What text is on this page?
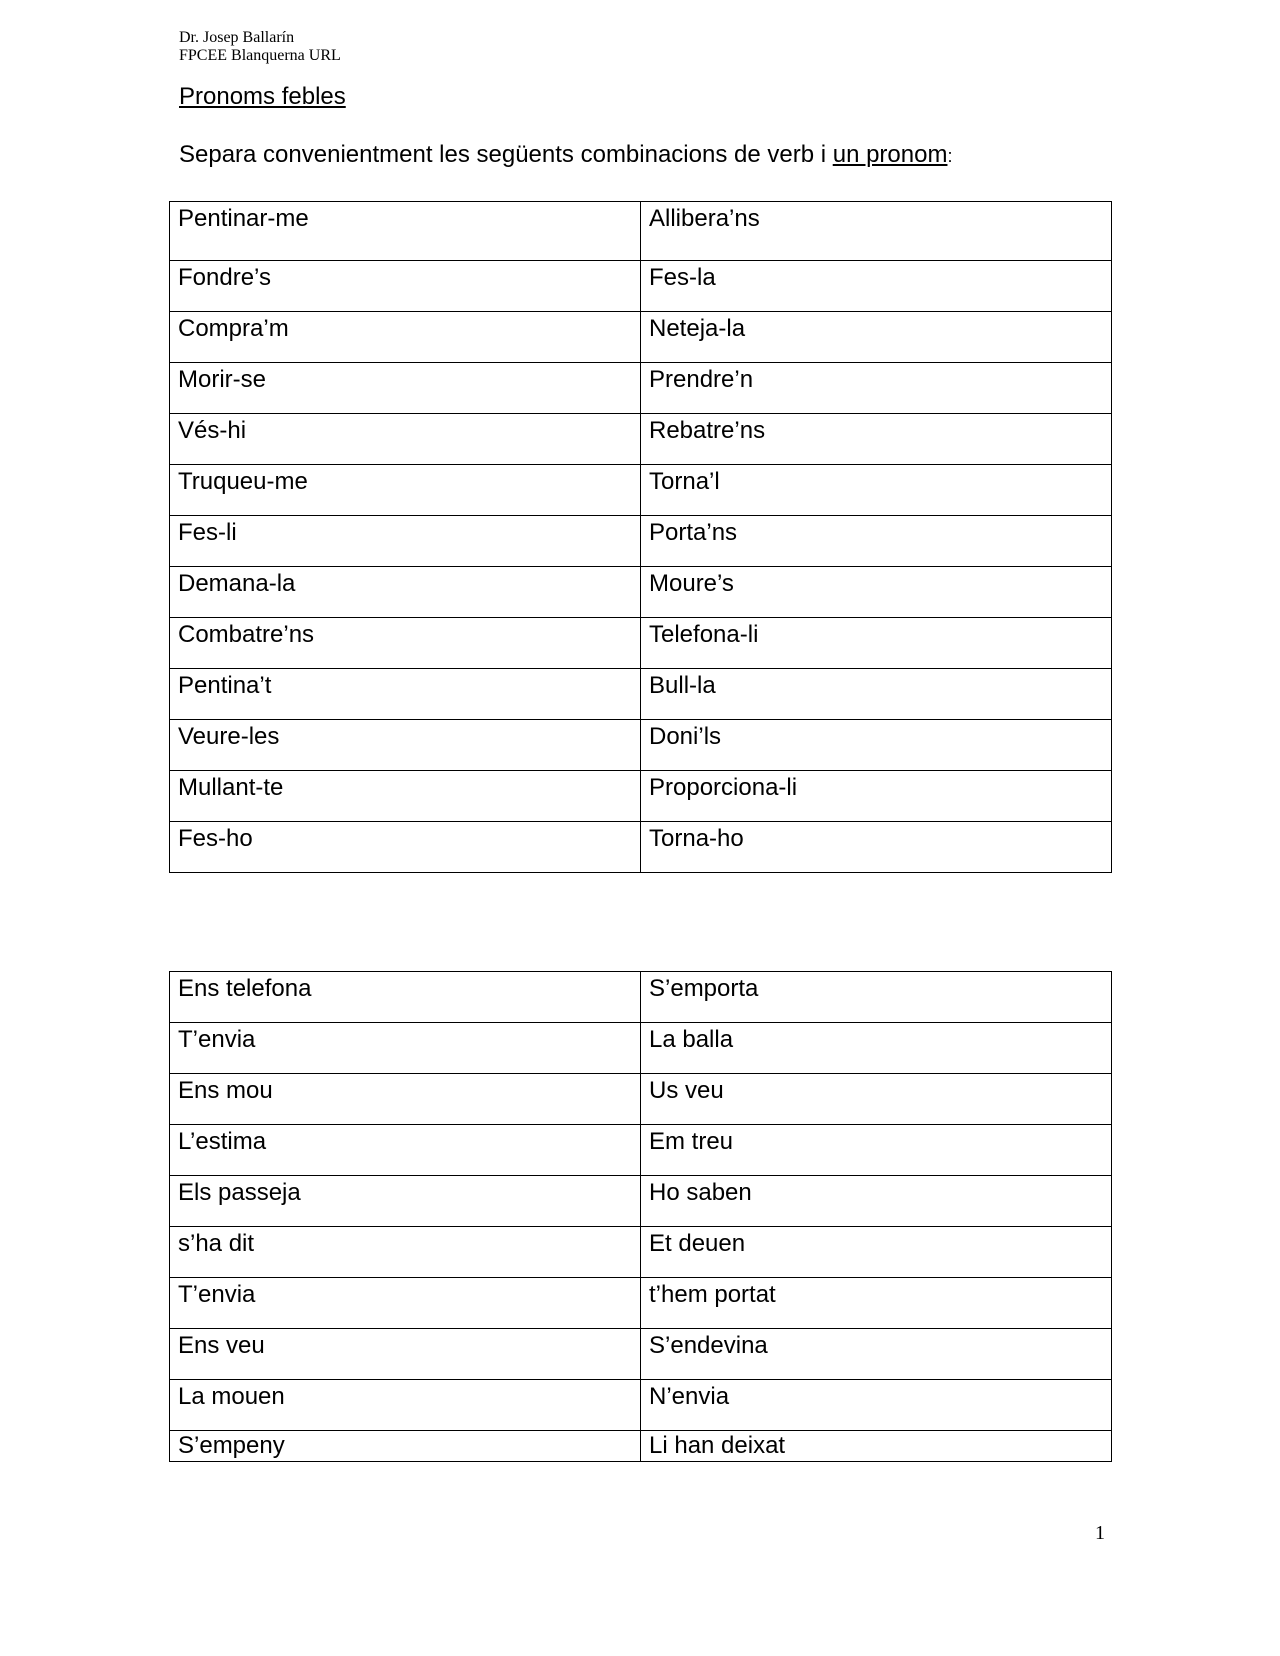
Dr. Josep Ballarín
FPCEE Blanquerna URL
Pronoms febles
Separa convenientment les següents combinacions de verb i un pronom:
Pentinar-me	Allibera’ns
Fondre’s	Fes-la
Compra’m	Neteja-la
Morir-se	Prendre’n
Vés-hi	Rebatre’ns
Truqueu-me	Torna’l
Fes-li	Porta’ns
Demana-la	Moure’s
Combatre’ns	Telefona-li
Pentina’t	Bull-la
Veure-les	Doni’ls
Mullant-te	Proporciona-li
Fes-ho	Torna-ho
Ens telefona	S’emporta
T’envia	La balla
Ens mou	Us veu
L’estima	Em treu
Els passeja	Ho saben
s’ha dit	Et deuen
T’envia	t’hem portat
Ens veu	S’endevina
La mouen	N’envia
S’empeny	Li han deixat
1
